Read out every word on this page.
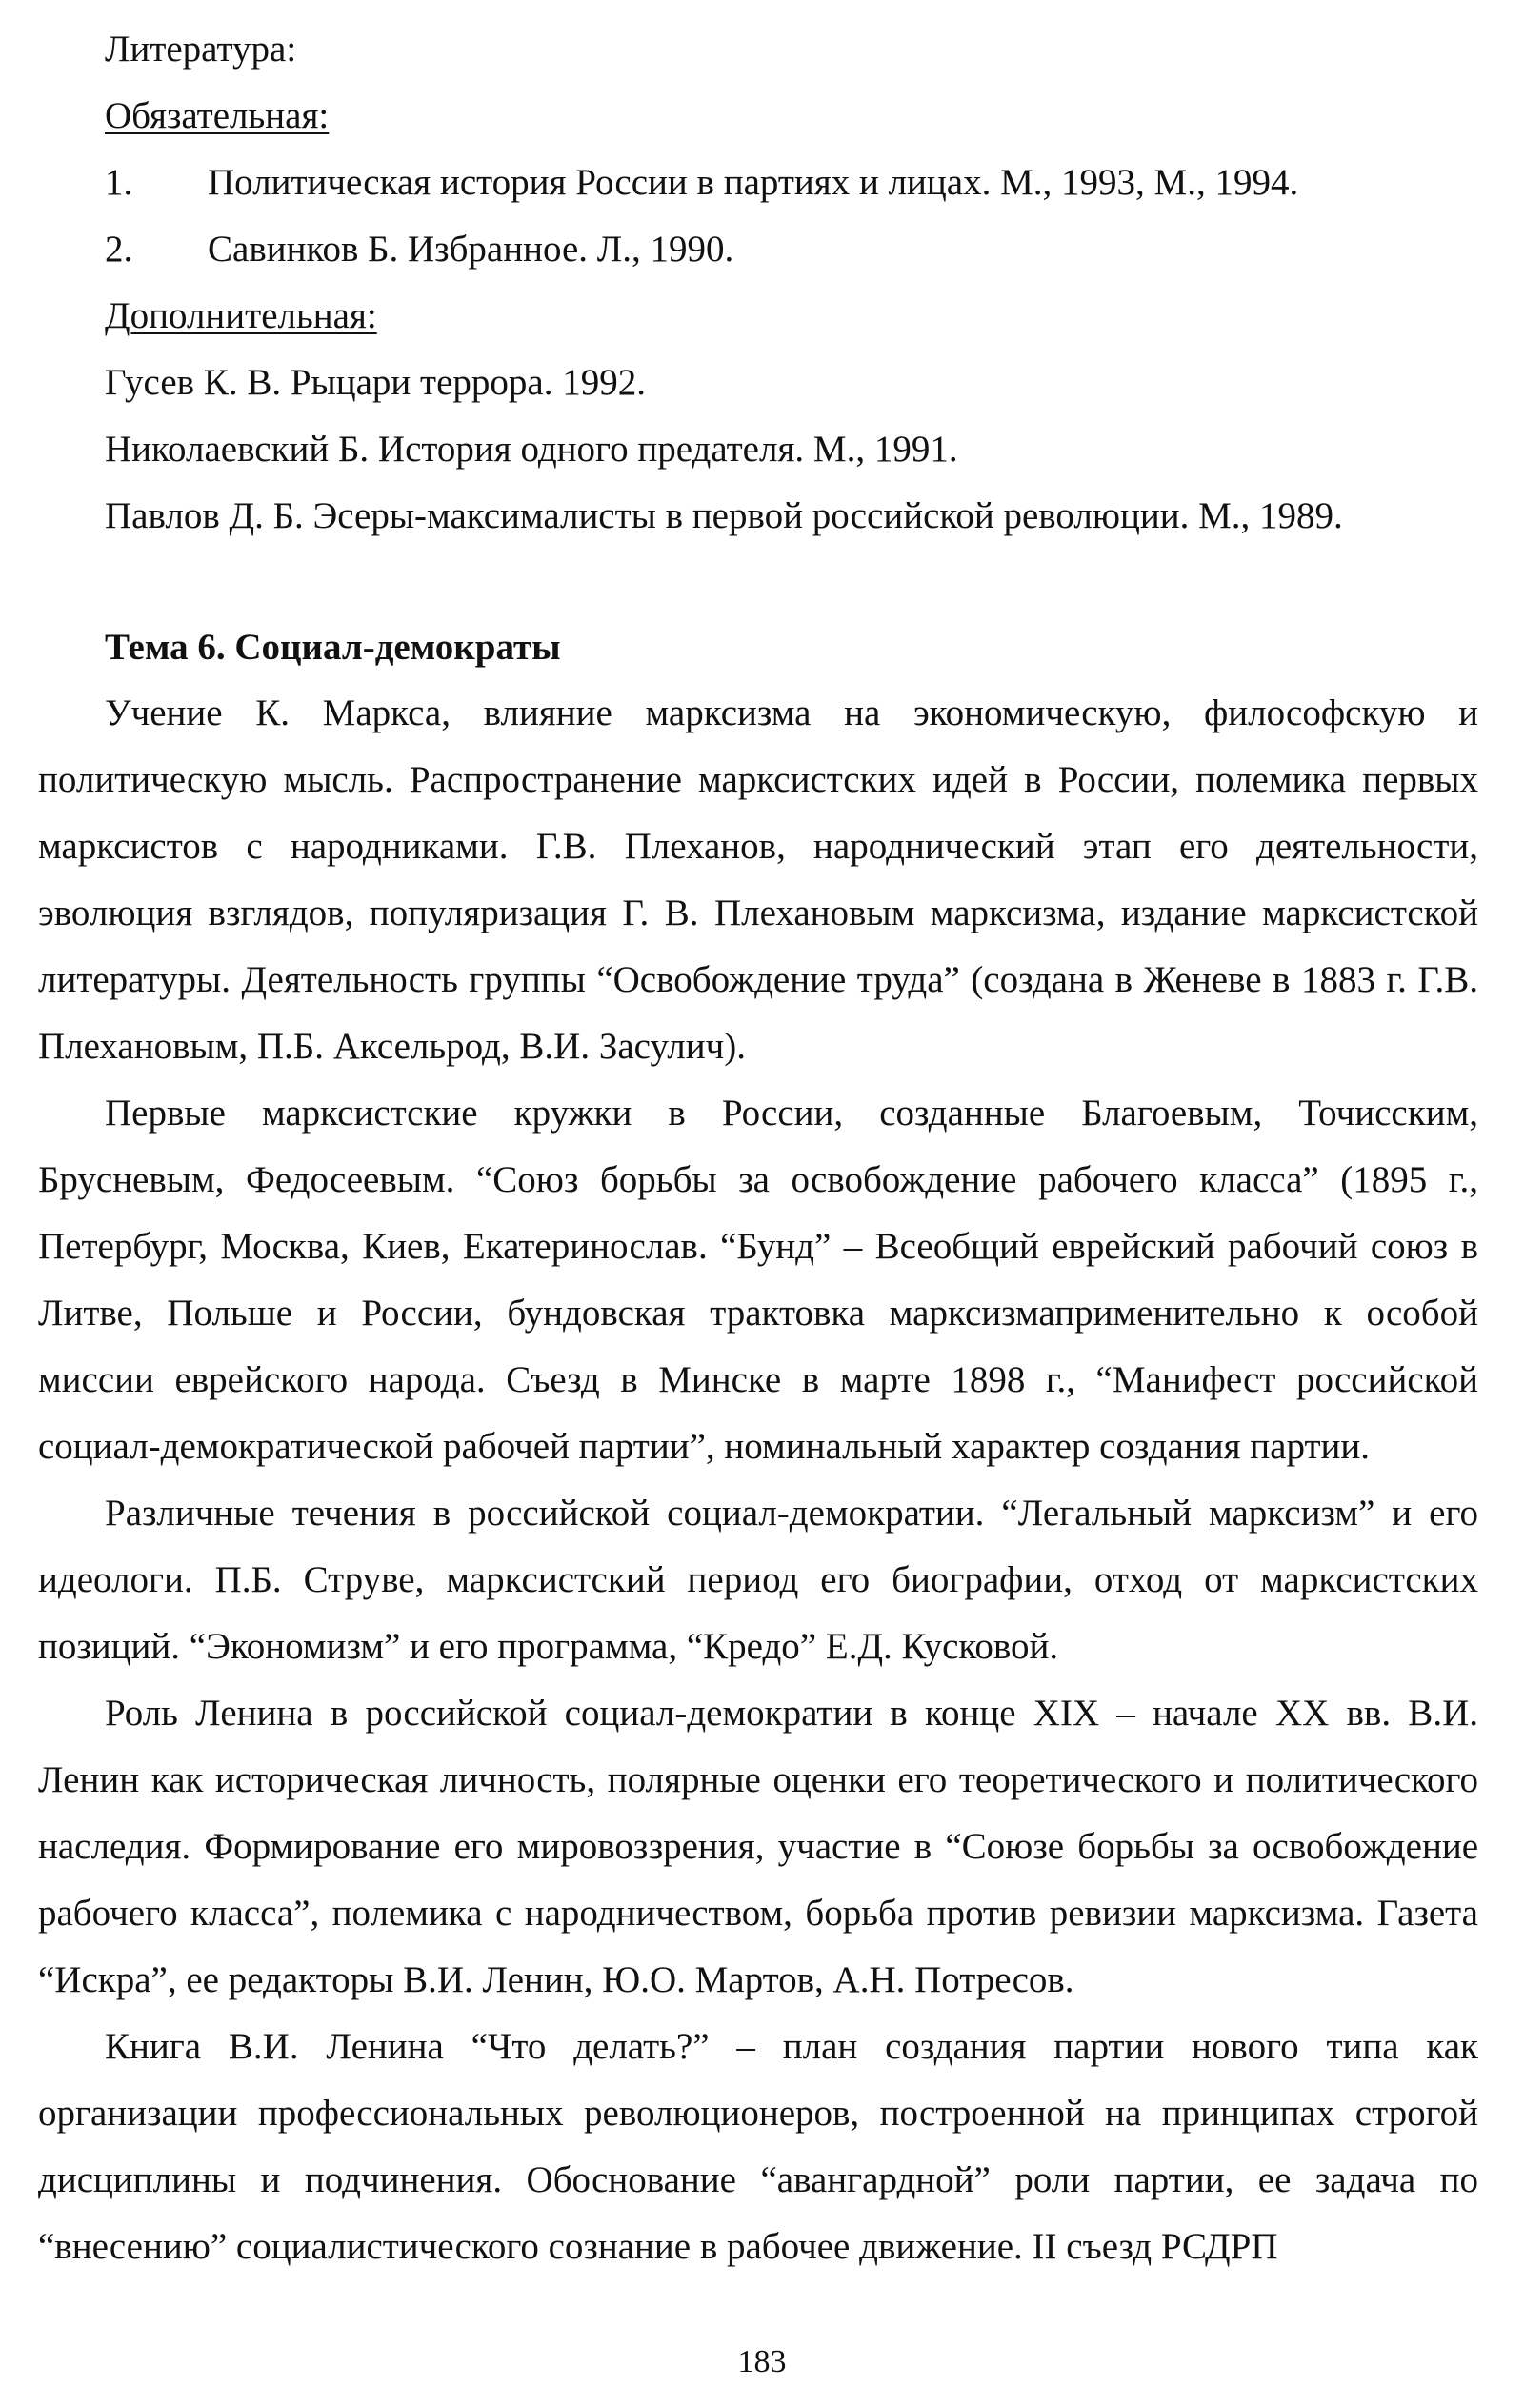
Литература:
Обязательная:
1. Политическая история России в партиях и лицах. М., 1993, М., 1994.
2. Савинков Б. Избранное. Л., 1990.
Дополнительная:
Гусев К. В. Рыцари террора. 1992.
Николаевский Б. История одного предателя. М., 1991.
Павлов Д. Б. Эсеры-максималисты в первой российской революции. М., 1989.
Тема 6. Социал-демократы

Учение К. Маркса, влияние марксизма на экономическую, философскую и политическую мысль. Распространение марксистских идей в России, полемика первых марксистов с народниками. Г.В. Плеханов, народнический этап его деятельности, эволюция взглядов, популяризация Г. В. Плехановым марксизма, издание марксистской литературы. Деятельность группы “Освобождение труда” (создана в Женеве в 1883 г. Г.В. Плехановым, П.Б. Аксельрод, В.И. Засулич).

Первые марксистские кружки в России, созданные Благоевым, Точисским, Брусневым, Федосеевым. “Союз борьбы за освобождение рабочего класса” (1895 г., Петербург, Москва, Киев, Екатеринослав. “Бунд” – Всеобщий еврейский рабочий союз в Литве, Польше и России, бундовская трактовка марксизмаприменительно к особой миссии еврейского народа. Съезд в Минске в марте 1898 г., “Манифест российской социал-демократической рабочей партии”, номинальный характер создания партии.

Различные течения в российской социал-демократии. “Легальный марксизм” и его идеологи. П.Б. Струве, марксистский период его биографии, отход от марксистских позиций. “Экономизм” и его программа, “Кредо” Е.Д. Кусковой.

Роль Ленина в российской социал-демократии в конце XIX – начале XX вв. В.И. Ленин как историческая личность, полярные оценки его теоретического и политического наследия. Формирование его мировоззрения, участие в “Союзе борьбы за освобождение рабочего класса”, полемика с народничеством, борьба против ревизии марксизма. Газета “Искра”, ее редакторы В.И. Ленин, Ю.О. Мартов, А.Н. Потресов.

Книга В.И. Ленина “Что делать?” – план создания партии нового типа как организации профессиональных революционеров, построенной на принципах строгой дисциплины и подчинения. Обоснование “авангардной” роли партии, ее задача по “внесению” социалистического сознание в рабочее движение. II съезд РСДРП

183
